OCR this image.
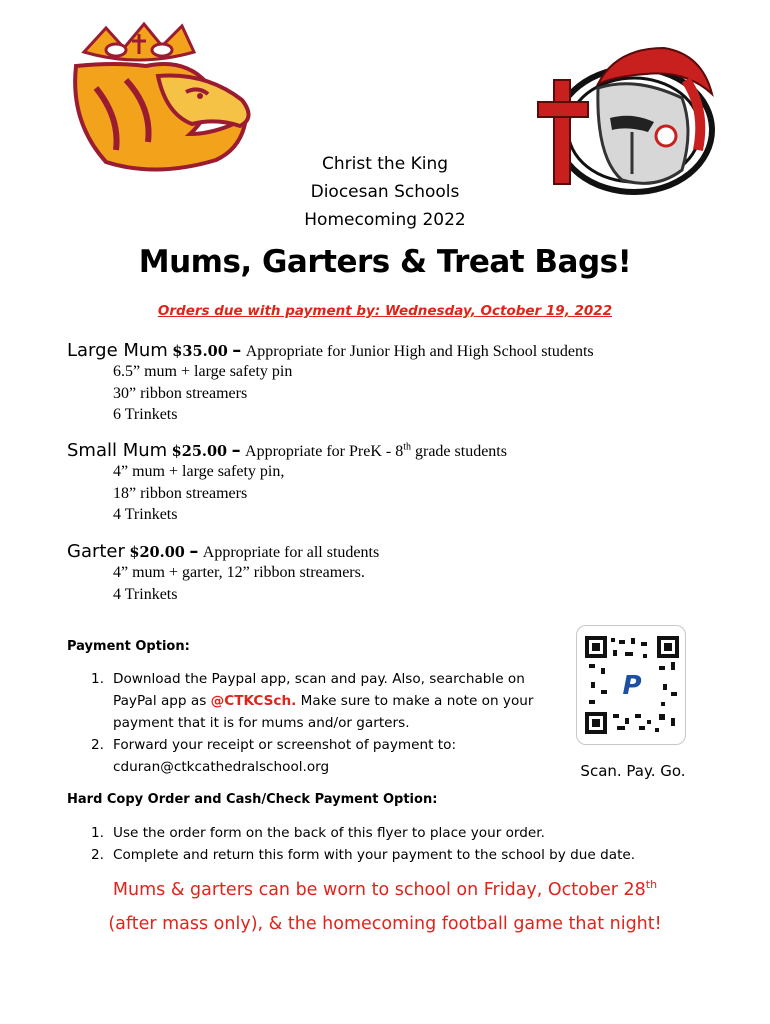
Christ the King
Diocesan Schools
Homecoming 2022
Mums, Garters & Treat Bags!
Orders due with payment by: Wednesday, October 19, 2022
Large Mum $35.00 – Appropriate for Junior High and High School students
6.5” mum + large safety pin
30” ribbon streamers
6 Trinkets
Small Mum $25.00 – Appropriate for PreK - 8th grade students
4” mum + large safety pin,
18” ribbon streamers
4 Trinkets
Garter $20.00 – Appropriate for all students
4” mum + garter, 12” ribbon streamers.
4 Trinkets
Payment Option:
1. Download the Paypal app, scan and pay. Also, searchable on PayPal app as @CTKCSch. Make sure to make a note on your payment that it is for mums and/or garters.
2. Forward your receipt or screenshot of payment to:
cduran@ctkcathedralschool.org
P
Scan. Pay. Go.
Hard Copy Order and Cash/Check Payment Option:
1. Use the order form on the back of this flyer to place your order.
2. Complete and return this form with your payment to the school by due date.
Mums & garters can be worn to school on Friday, October 28th
(after mass only), & the homecoming football game that night!
